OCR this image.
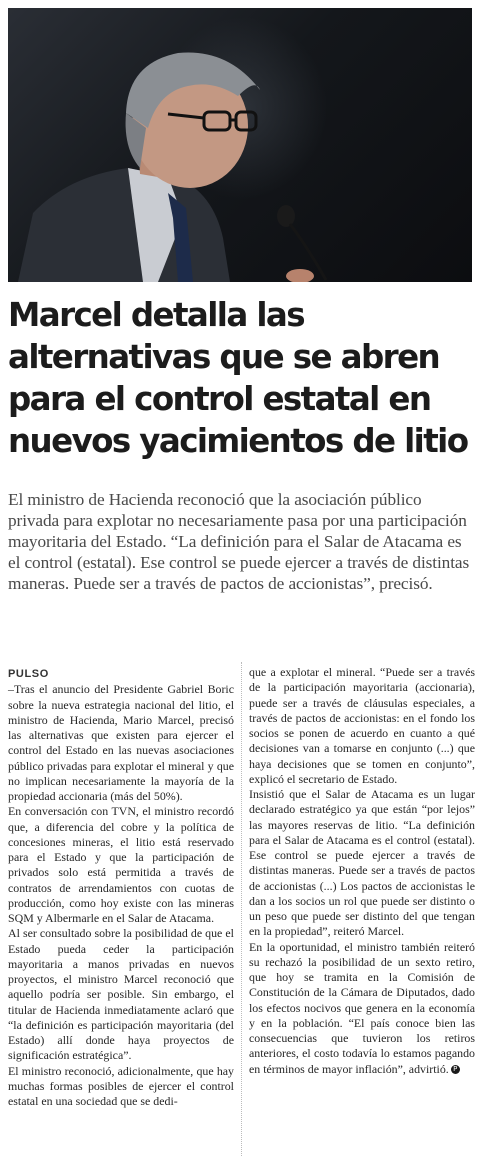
Marcel detalla las alternativas que se abren para el control estatal en nuevos yacimientos de litio

El ministro de Hacienda reconoció que la asociación público privada para explotar no necesariamente pasa por una participación mayoritaria del Estado. “La definición para el Salar de Atacama es el control (estatal). Ese control se puede ejercer a través de distintas maneras. Puede ser a través de pactos de accionistas”, precisó.

PULSO

–Tras el anuncio del Presidente Gabriel Boric sobre la nueva estrategia nacional del litio, el ministro de Hacienda, Mario Marcel, precisó las alternativas que existen para ejercer el control del Estado en las nuevas asociaciones público privadas para explotar el mineral y que no implican necesariamente la mayoría de la propiedad accionaria (más del 50%).

En conversación con TVN, el ministro recordó que, a diferencia del cobre y la política de concesiones mineras, el litio está reservado para el Estado y que la participación de privados solo está permitida a través de contratos de arrendamientos con cuotas de producción, como hoy existe con las mineras SQM y Albermarle en el Salar de Atacama.

Al ser consultado sobre la posibilidad de que el Estado pueda ceder la participación mayoritaria a manos privadas en nuevos proyectos, el ministro Marcel reconoció que aquello podría ser posible. Sin embargo, el titular de Hacienda inmediatamente aclaró que “la definición es participación mayoritaria (del Estado) allí donde haya proyectos de significación estratégica”.

El ministro reconoció, adicionalmente, que hay muchas formas posibles de ejercer el control estatal en una sociedad que se dedi-

que a explotar el mineral. “Puede ser a través de la participación mayoritaria (accionaria), puede ser a través de cláusulas especiales, a través de pactos de accionistas: en el fondo los socios se ponen de acuerdo en cuanto a qué decisiones van a tomarse en conjunto (...) que haya decisiones que se tomen en conjunto”, explicó el secretario de Estado.

Insistió que el Salar de Atacama es un lugar declarado estratégico ya que están “por lejos” las mayores reservas de litio. “La definición para el Salar de Atacama es el control (estatal). Ese control se puede ejercer a través de distintas maneras. Puede ser a través de pactos de accionistas (...) Los pactos de accionistas le dan a los socios un rol que puede ser distinto o un peso que puede ser distinto del que tengan en la propiedad”, reiteró Marcel.

En la oportunidad, el ministro también reiteró su rechazó la posibilidad de un sexto retiro, que hoy se tramita en la Comisión de Constitución de la Cámara de Diputados, dado los efectos nocivos que genera en la economía y en la población. “El país conoce bien las consecuencias que tuvieron los retiros anteriores, el costo todavía lo estamos pagando en términos de mayor inflación”, advirtió. P
